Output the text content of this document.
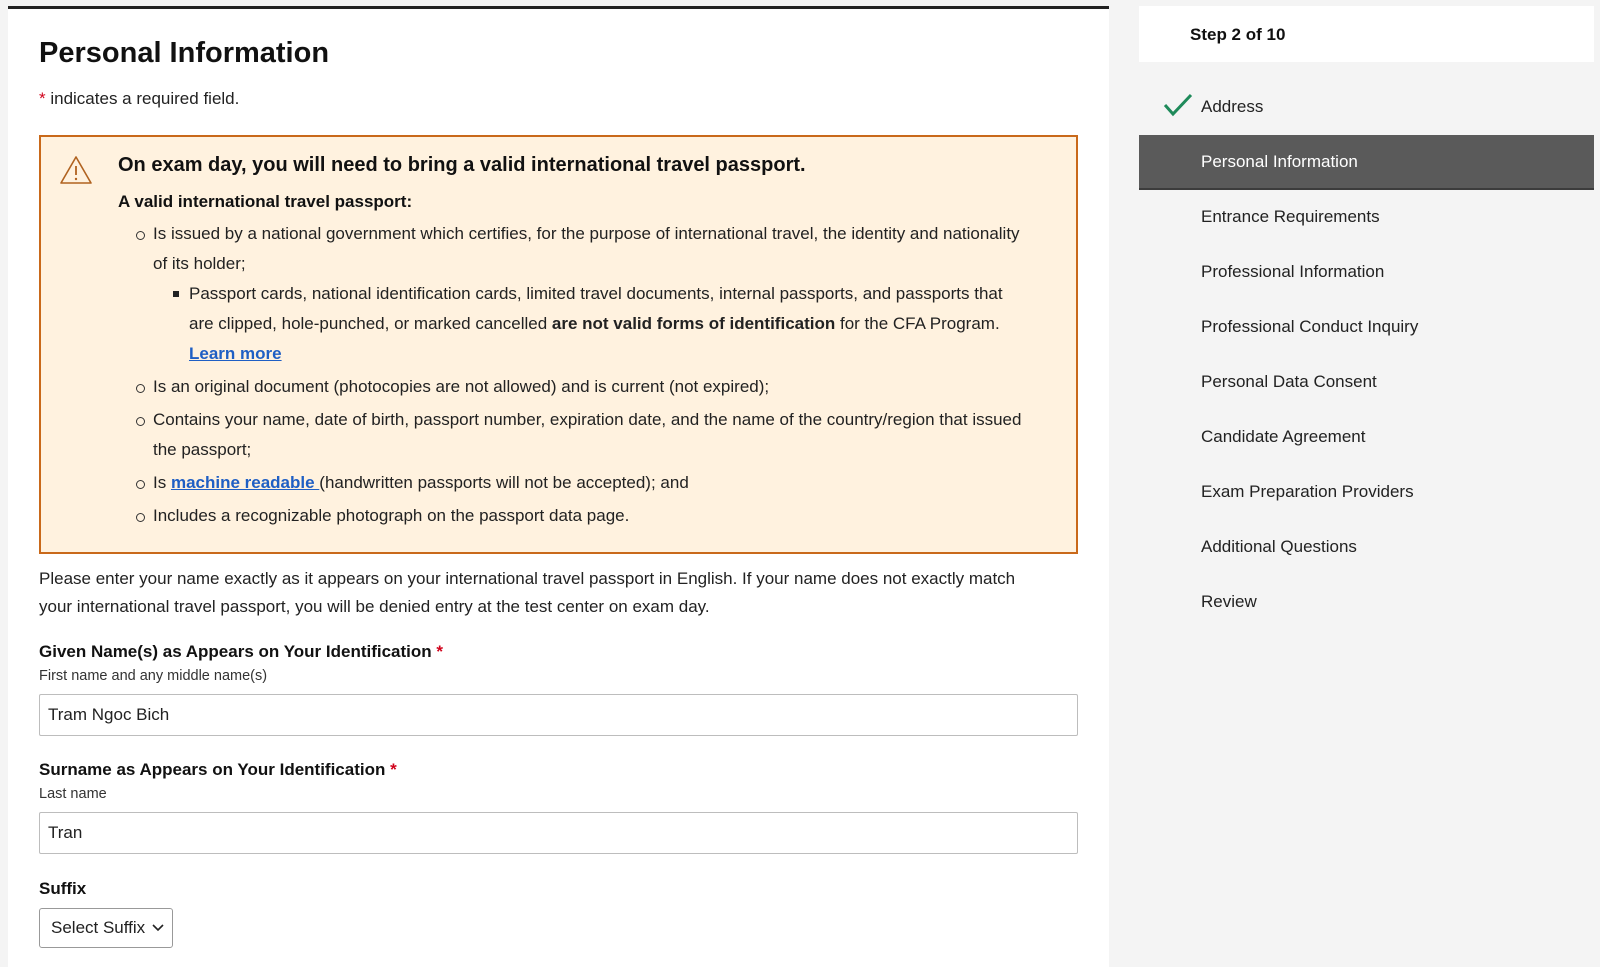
Personal Information
* indicates a required field.
On exam day, you will need to bring a valid international travel passport.
A valid international travel passport:
Is issued by a national government which certifies, for the purpose of international travel, the identity and nationality of its holder;
Passport cards, national identification cards, limited travel documents, internal passports, and passports that are clipped, hole-punched, or marked cancelled are not valid forms of identification for the CFA Program. Learn more
Is an original document (photocopies are not allowed) and is current (not expired);
Contains your name, date of birth, passport number, expiration date, and the name of the country/region that issued the passport;
Is machine readable (handwritten passports will not be accepted); and
Includes a recognizable photograph on the passport data page.

Please enter your name exactly as it appears on your international travel passport in English. If your name does not exactly match your international travel passport, you will be denied entry at the test center on exam day.

Given Name(s) as Appears on Your Identification *
First name and any middle name(s)
Tram Ngoc Bich
Surname as Appears on Your Identification *
Last name
Tran
Suffix
Select Suffix
Step 2 of 10
Address
Personal Information
Entrance Requirements
Professional Information
Professional Conduct Inquiry
Personal Data Consent
Candidate Agreement
Exam Preparation Providers
Additional Questions
Review
